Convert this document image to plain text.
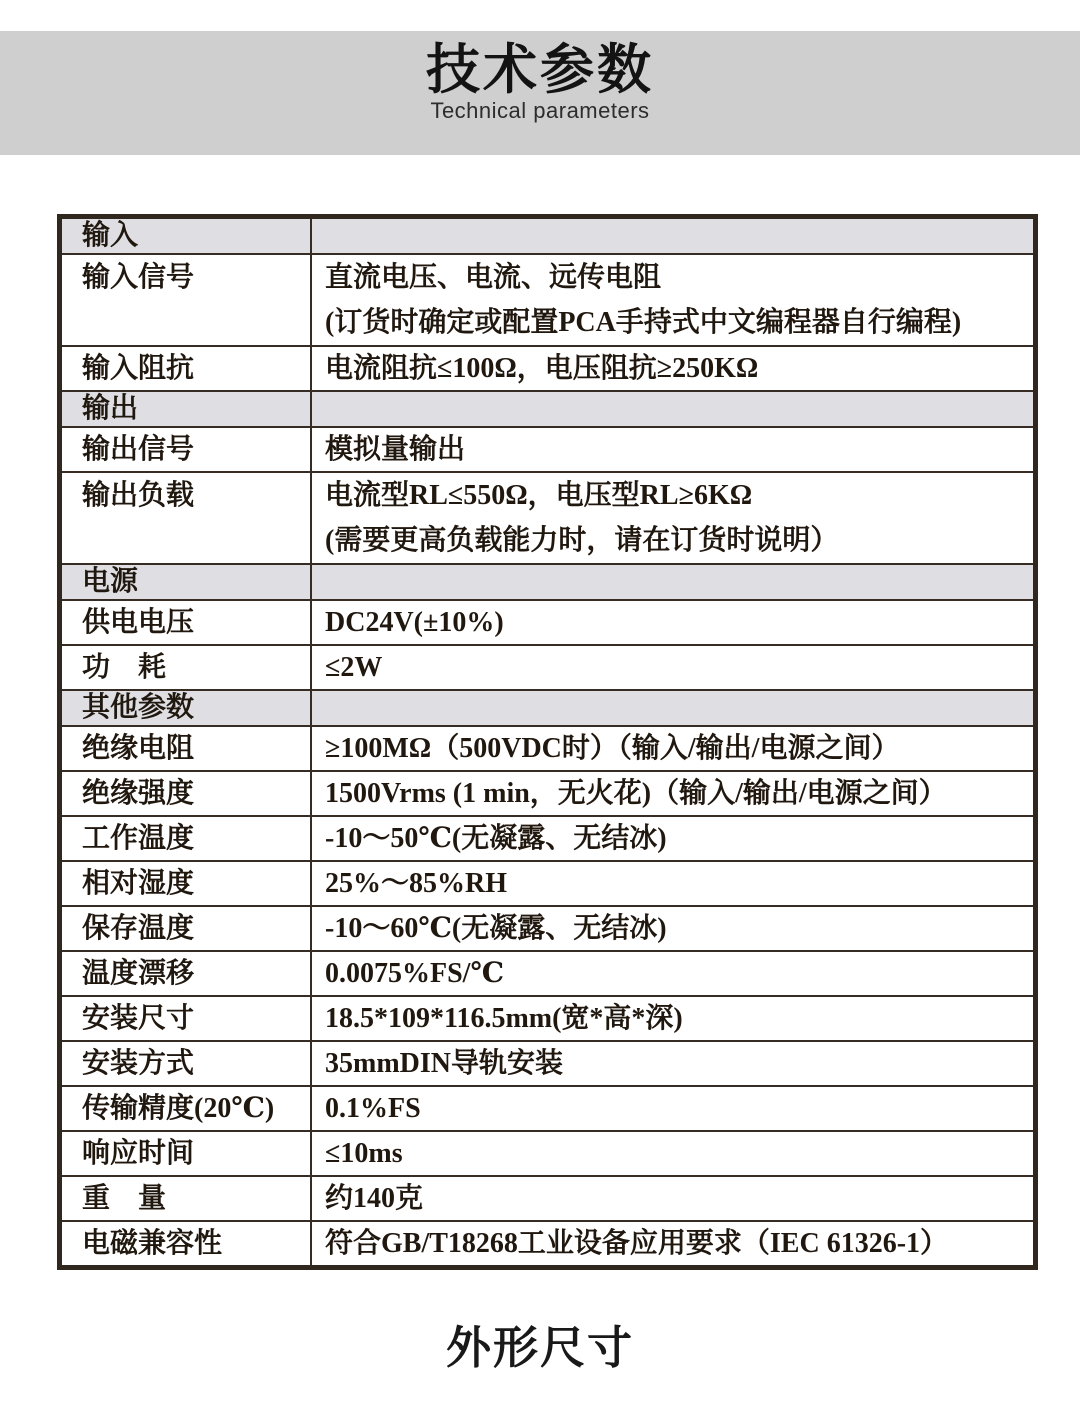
技术参数
Technical parameters
输入
输入信号	直流电压、电流、远传电阻
(订货时确定或配置PCA手持式中文编程器自行编程)
输入阻抗	电流阻抗≤100Ω，电压阻抗≥250KΩ
输出
输出信号	模拟量输出
输出负载	电流型RL≤550Ω，电压型RL≥6KΩ
(需要更高负载能力时，请在订货时说明）
电源
供电电压	DC24V(±10%)
功　耗	≤2W
其他参数
绝缘电阻	≥100MΩ（500VDC时）（输入/输出/电源之间）
绝缘强度	1500Vrms (1 min，无火花)（输入/输出/电源之间）
工作温度	-10～50℃(无凝露、无结冰)
相对湿度	25%～85%RH
保存温度	-10～60℃(无凝露、无结冰)
温度漂移	0.0075%FS/℃
安装尺寸	18.5*109*116.5mm(宽*高*深)
安装方式	35mmDIN导轨安装
传输精度(20℃)	0.1%FS
响应时间	≤10ms
重　量	约140克
电磁兼容性	符合GB/T18268工业设备应用要求（IEC 61326-1）
外形尺寸
